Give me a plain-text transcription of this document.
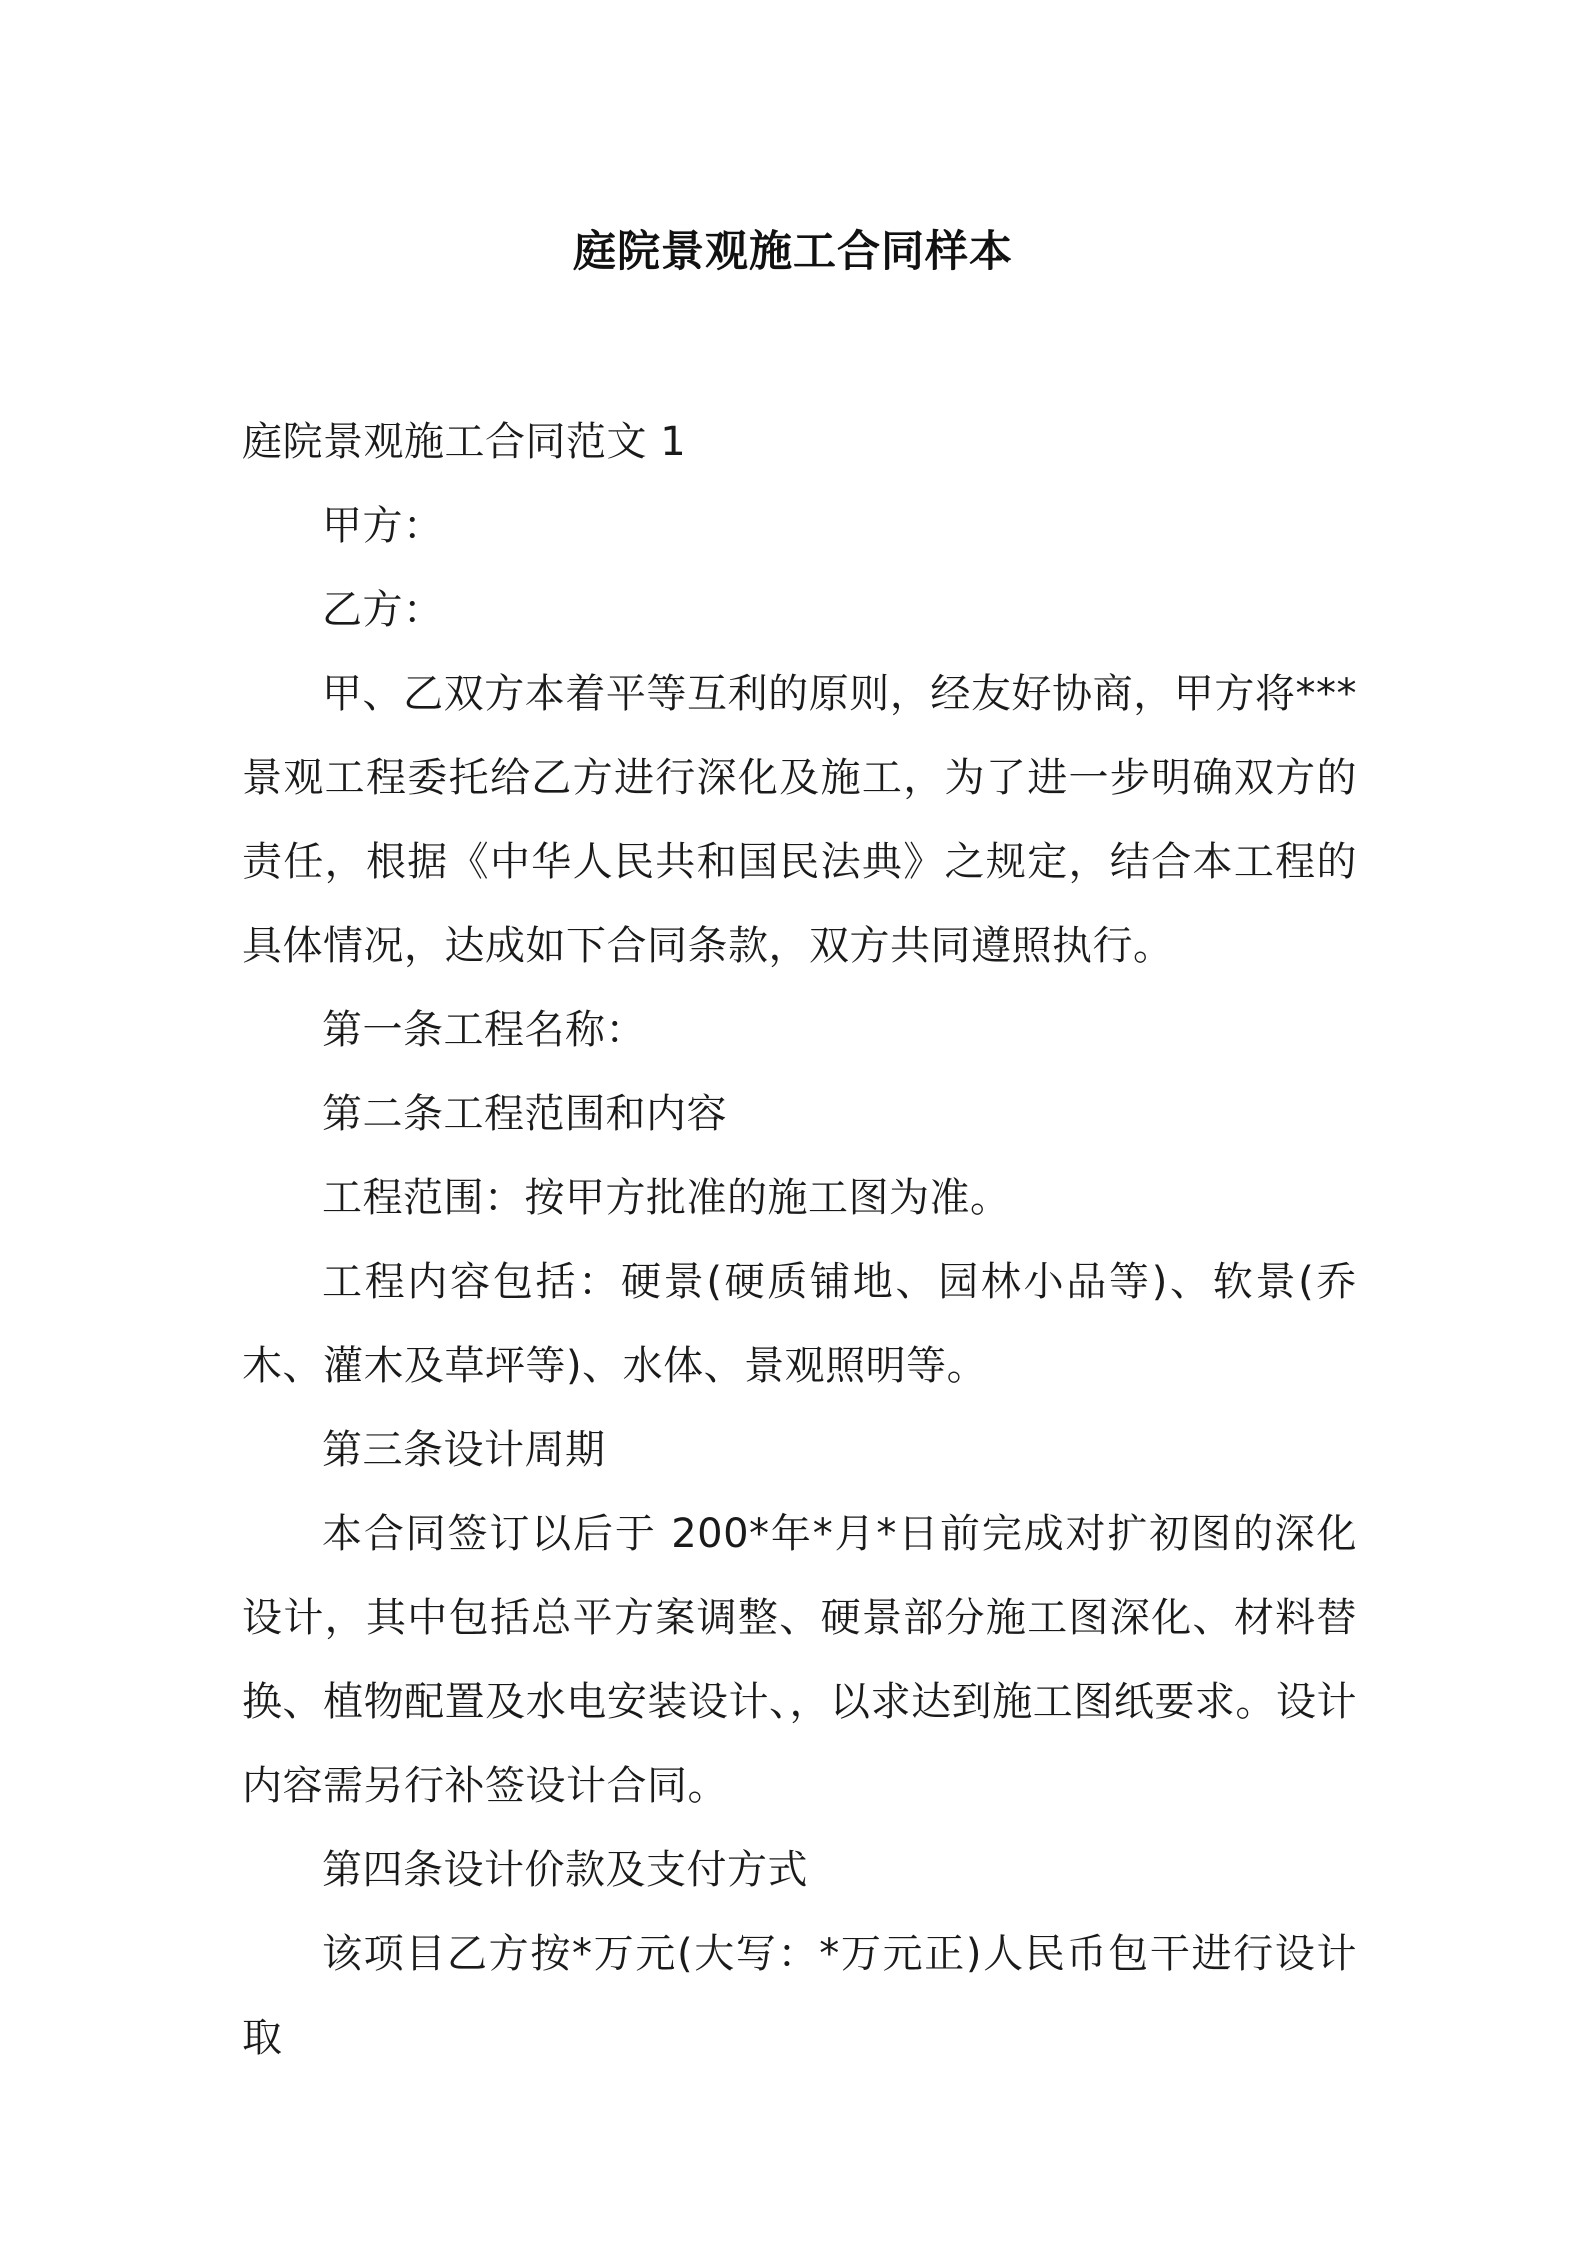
庭院景观施工合同样本

庭院景观施工合同范文 1

甲方：

乙方：

甲、乙双方本着平等互利的原则，经友好协商，甲方将***景观工程委托给乙方进行深化及施工，为了进一步明确双方的责任，根据《中华人民共和国民法典》之规定，结合本工程的具体情况，达成如下合同条款，双方共同遵照执行。

第一条工程名称：

第二条工程范围和内容

工程范围：按甲方批准的施工图为准。

工程内容包括：硬景(硬质铺地、园林小品等)、软景(乔木、灌木及草坪等)、水体、景观照明等。

第三条设计周期

本合同签订以后于 200*年*月*日前完成对扩初图的深化设计，其中包括总平方案调整、硬景部分施工图深化、材料替换、植物配置及水电安装设计、，以求达到施工图纸要求。设计内容需另行补签设计合同。

第四条设计价款及支付方式

该项目乙方按*万元(大写：*万元正)人民币包干进行设计取
